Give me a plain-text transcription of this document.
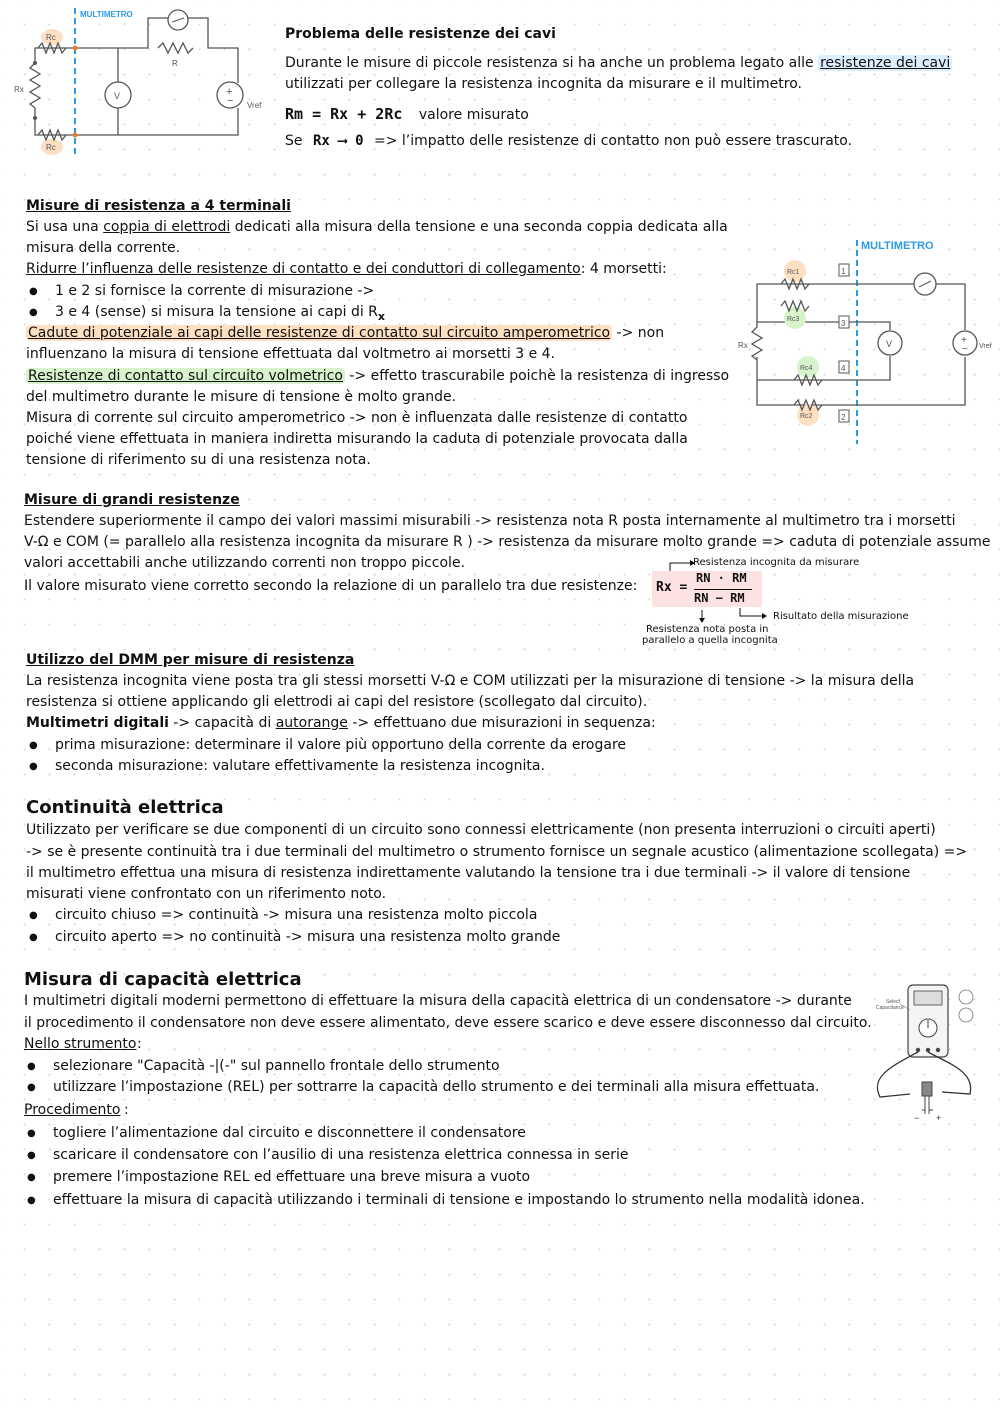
MULTIMETRO
Rc
Rc
Rx
R
V	+
− Vref
Problema delle resistenze dei cavi
Durante le misure di piccole resistenza si ha anche un problema legato alle resistenze dei cavi
utilizzati per collegare la resistenza incognita da misurare e il multimetro.
Rm = Rx + 2Rc valore misurato
Se Rx ⟶ 0 => l’impatto delle resistenze di contatto non può essere trascurato.
Misure di resistenza a 4 terminali
Si usa una coppia di elettrodi dedicati alla misura della tensione e una seconda coppia dedicata alla
misura della corrente.
Ridurre l’influenza delle resistenze di contatto e dei conduttori di collegamento: 4 morsetti:
● 1 e 2 si fornisce la corrente di misurazione ->
● 3 e 4 (sense) si misura la tensione ai capi di $R_x$
Cadute di potenziale ai capi delle resistenze di contatto sul circuito amperometrico -> non
influenzano la misura di tensione effettuata dal voltmetro ai morsetti 3 e 4.
Resistenze di contatto sul circuito volmetrico -> effetto trascurabile poichè la resistenza di ingresso
del multimetro durante le misure di tensione è molto grande.
Misura di corrente sul circuito amperometrico -> non è influenzata dalle resistenze di contatto
poiché viene effettuata in maniera indiretta misurando la caduta di potenziale provocata dalla
tensione di riferimento su di una resistenza nota.
MULTIMETRO
Rx
Rc1
Rc3
Rc4
Rc2
1
3
4
2
V	+
− Vref
Misure di grandi resistenze
Estendere superiormente il campo dei valori massimi misurabili -> resistenza nota R posta internamente al multimetro tra i morsetti
V-Ω e COM (= parallelo alla resistenza incognita da misurare R ) -> resistenza da misurare molto grande => caduta di potenziale assume
valori accettabili anche utilizzando correnti non troppo piccole.
Il valore misurato viene corretto secondo la relazione di un parallelo tra due resistenze: Rx =
RN · RM
RN − RM
Resistenza incognita da misurare
Risultato della misurazione
Resistenza nota posta in
parallelo a quella incognita
Utilizzo del DMM per misure di resistenza
La resistenza incognita viene posta tra gli stessi morsetti V-Ω e COM utilizzati per la misurazione di tensione -> la misura della
resistenza si ottiene applicando gli elettrodi ai capi del resistore (scollegato dal circuito).
Multimetri digitali -> capacità di autorange -> effettuano due misurazioni in sequenza:
● prima misurazione: determinare il valore più opportuno della corrente da erogare
● seconda misurazione: valutare effettivamente la resistenza incognita.
Continuità elettrica
Utilizzato per verificare se due componenti di un circuito sono connessi elettricamente (non presenta interruzioni o circuiti aperti)
-> se è presente continuità tra i due terminali del multimetro o strumento fornisce un segnale acustico (alimentazione scollegata) =>
il multimetro effettua una misura di resistenza indirettamente valutando la tensione tra i due terminali -> il valore di tensione
misurati viene confrontato con un riferimento noto.
● circuito chiuso => continuità -> misura una resistenza molto piccola
● circuito aperto => no continuità -> misura una resistenza molto grande
Misura di capacità elettrica
I multimetri digitali moderni permettono di effettuare la misura della capacità elettrica di un condensatore -> durante
il procedimento il condensatore non deve essere alimentato, deve essere scarico e deve essere disconnesso dal circuito.
Nello strumento :
● selezionare "Capacità -|(-" sul pannello frontale dello strumento
● utilizzare l’impostazione (REL) per sottrarre la capacità dello strumento e dei terminali alla misura effettuata.
Procedimento :
● togliere l’alimentazione dal circuito e disconnettere il condensatore
● scaricare il condensatore con l’ausilio di una resistenza elettrica connessa in serie
● premere l’impostazione REL ed effettuare una breve misura a vuoto
● effettuare la misura di capacità utilizzando i terminali di tensione e impostando lo strumento nella modalità idonea.
Select
Capacitance
− +
